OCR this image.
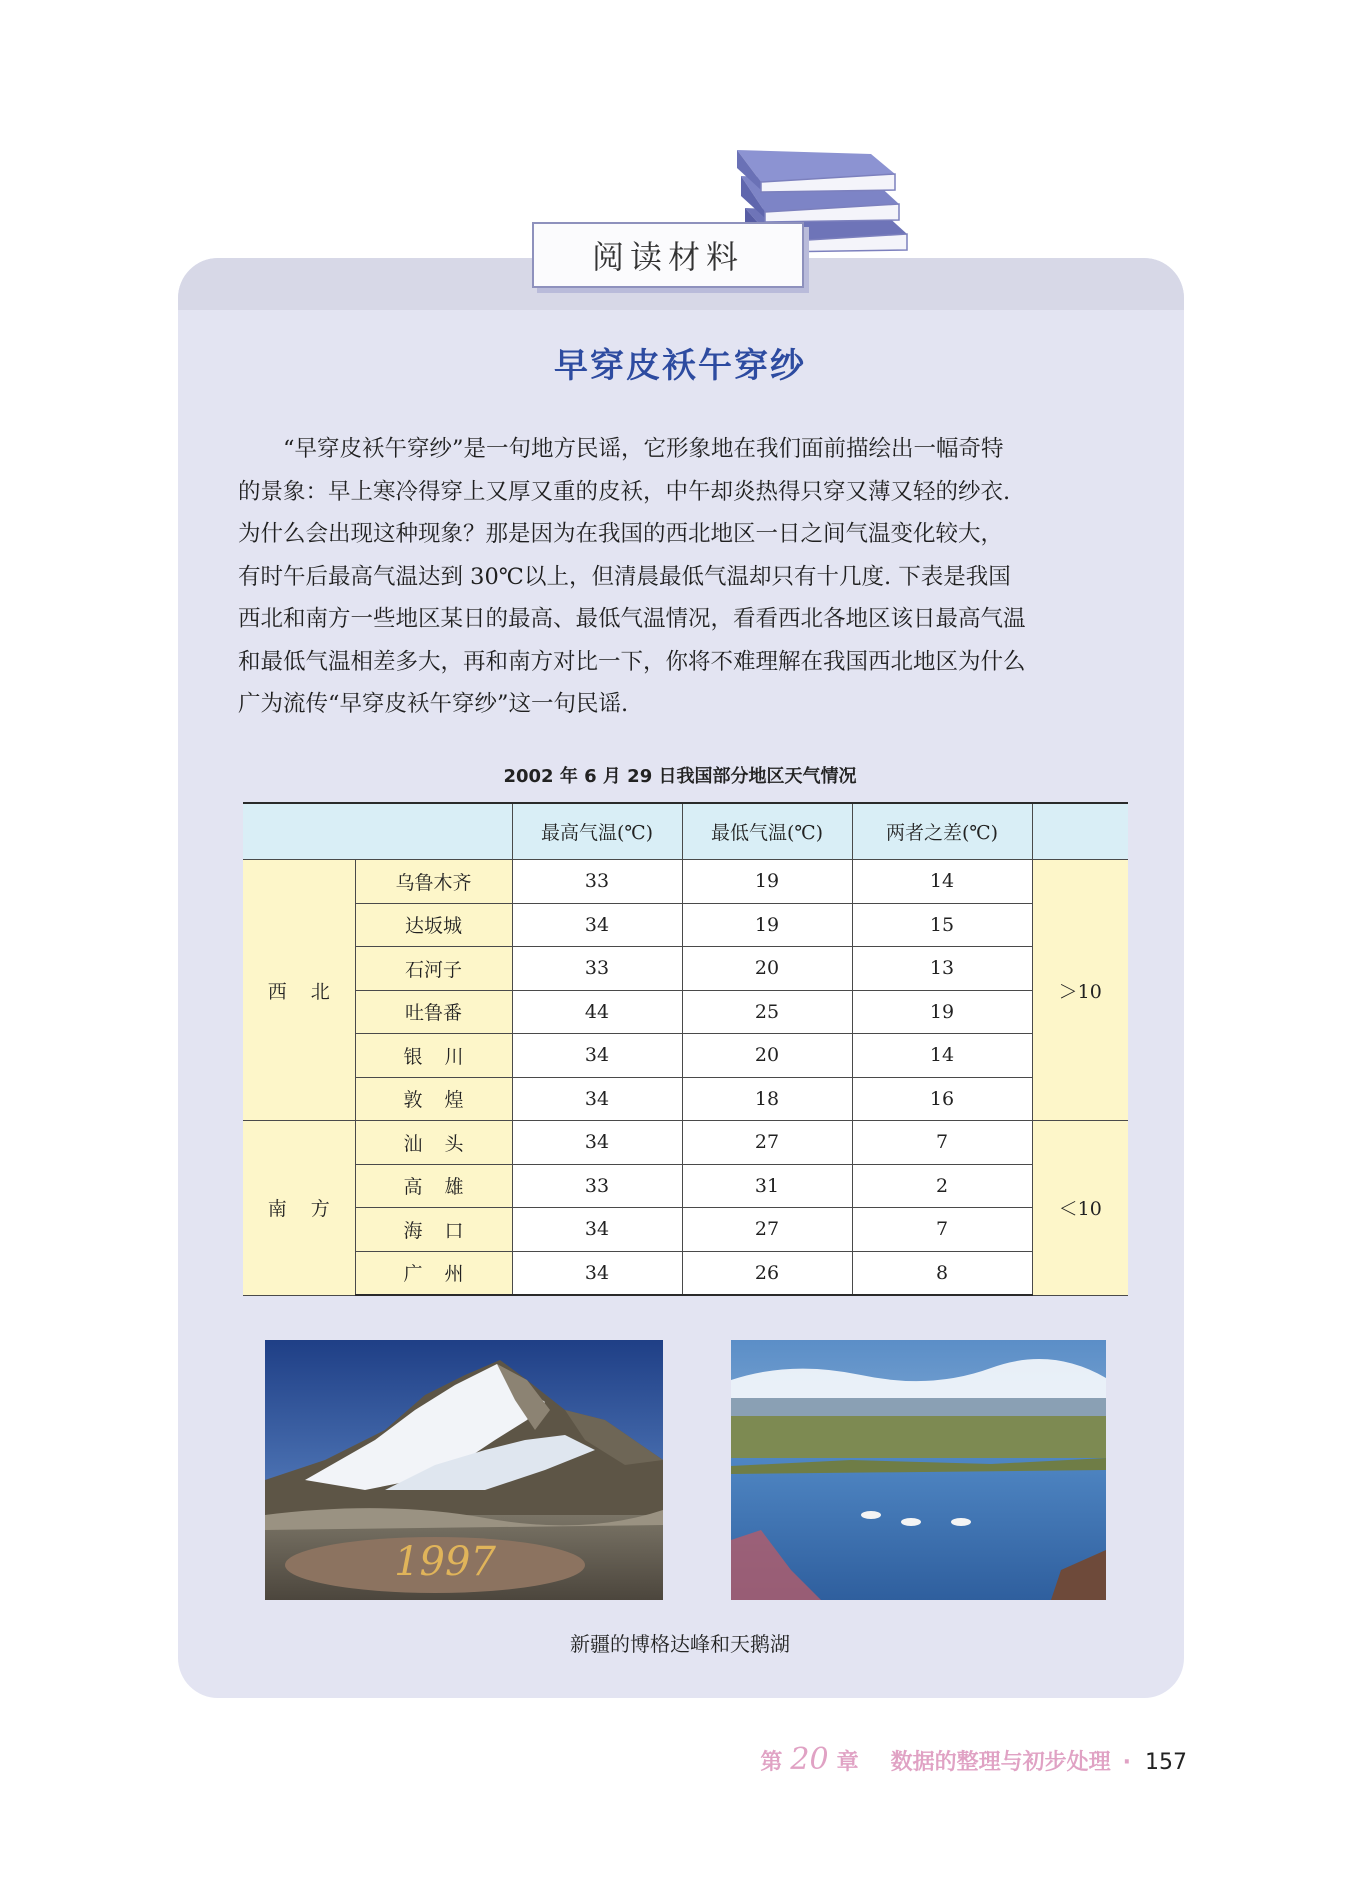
阅读材料
早穿皮袄午穿纱
“早穿皮袄午穿纱”是一句地方民谣，它形象地在我们面前描绘出一幅奇特
的景象：早上寒冷得穿上又厚又重的皮袄，中午却炎热得只穿又薄又轻的纱衣.
为什么会出现这种现象？那是因为在我国的西北地区一日之间气温变化较大，
有时午后最高气温达到 30℃以上，但清晨最低气温却只有十几度. 下表是我国
西北和南方一些地区某日的最高、最低气温情况，看看西北各地区该日最高气温
和最低气温相差多大，再和南方对比一下，你将不难理解在我国西北地区为什么
广为流传“早穿皮袄午穿纱”这一句民谣.
2002 年 6 月 29 日我国部分地区天气情况
		最高气温(℃)	最低气温(℃)	两者之差(℃)	
西北	乌鲁木齐	33	19	14	＞10
	达坂城	34	19	15	
	石河子	33	20	13	
	吐鲁番	44	25	19	
	银川	34	20	14	
	敦煌	34	18	16	
南方	汕头	34	27	7	＜10
	高雄	33	31	2	
	海口	34	27	7	
	广州	34	26	8	
1997
新疆的博格达峰和天鹅湖
第 20 章 数据的整理与初步处理 · 157
